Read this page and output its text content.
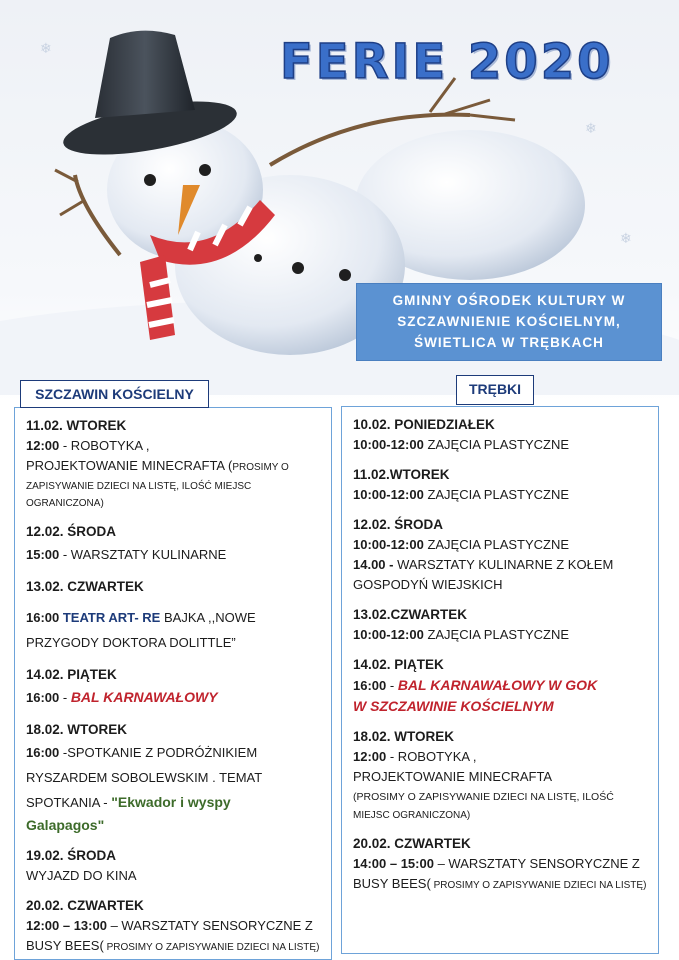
❄
❄
❄
FERIE 2020
GMINNY OŚRODEK KULTURY W
SZCZAWNIENIE KOŚCIELNYM,
ŚWIETLICA W TRĘBKACH
SZCZAWIN KOŚCIELNY
11.02. WTOREK
12:00 - ROBOTYKA ,
PROJEKTOWANIE MINECRAFTA (PROSIMY O
ZAPISYWANIE DZIECI NA LISTĘ, ILOŚĆ MIEJSC
OGRANICZONA)
12.02. ŚRODA
15:00 - WARSZTATY KULINARNE
13.02. CZWARTEK
16:00 TEATR ART- RE BAJKA ,,NOWE
PRZYGODY DOKTORA DOLITTLE”
14.02. PIĄTEK
16:00 - BAL KARNAWAŁOWY
18.02. WTOREK
16:00 -SPOTKANIE Z PODRÓŻNIKIEM
RYSZARDEM SOBOLEWSKIM . TEMAT
SPOTKANIA - "Ekwador i wyspy
Galapagos"
19.02. ŚRODA
WYJAZD DO KINA
20.02. CZWARTEK
12:00 – 13:00 – WARSZTATY SENSORYCZNE Z
BUSY BEES( PROSIMY O ZAPISYWANIE DZIECI NA LISTĘ)
TRĘBKI
10.02. PONIEDZIAŁEK
10:00-12:00 ZAJĘCIA PLASTYCZNE
11.02.WTOREK
10:00-12:00 ZAJĘCIA PLASTYCZNE
12.02. ŚRODA
10:00-12:00 ZAJĘCIA PLASTYCZNE
14.00 - WARSZTATY KULINARNE Z KOŁEM
GOSPODYŃ WIEJSKICH
13.02.CZWARTEK
10:00-12:00 ZAJĘCIA PLASTYCZNE
14.02. PIĄTEK
16:00 - BAL KARNAWAŁOWY W GOK
W SZCZAWINIE KOŚCIELNYM
18.02. WTOREK
12:00 - ROBOTYKA ,
PROJEKTOWANIE MINECRAFTA
(PROSIMY O ZAPISYWANIE DZIECI NA LISTĘ, ILOŚĆ
MIEJSC OGRANICZONA)
20.02. CZWARTEK
14:00 – 15:00 – WARSZTATY SENSORYCZNE Z
BUSY BEES( PROSIMY O ZAPISYWANIE DZIECI NA LISTĘ)
